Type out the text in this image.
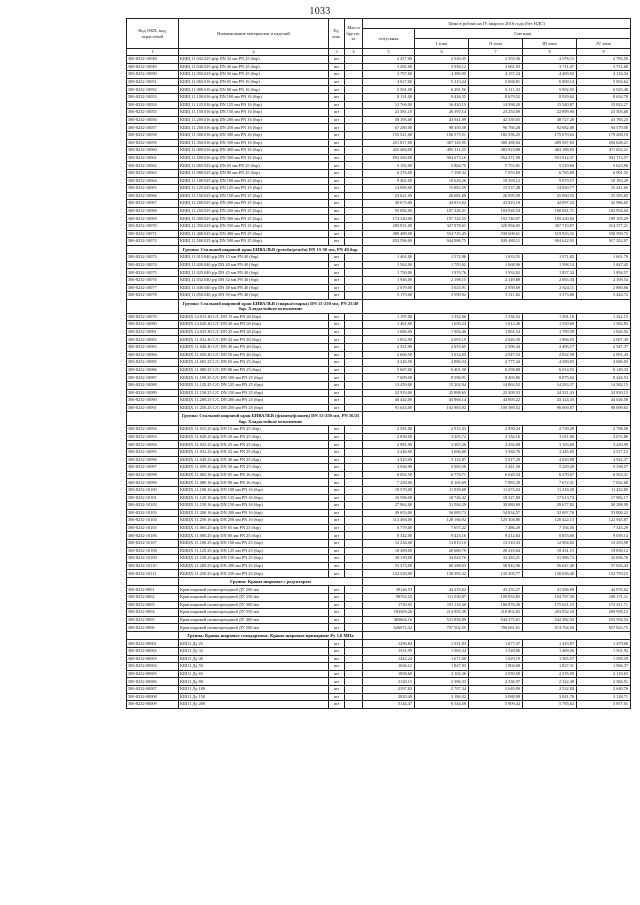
1033
Код ОКП, код, отраслевой	Наименование материалов и изделий	Ед. изм.	Масса брутто, кг	Цена в рублях на IV квартал 2016 года (без НДС)				
				отпускная	Сметная			
					I зона	II зона	III зона	IV зона
1	2	3	4	5	6	7	8	9
300-8232-10048	КШЦ 11.032.025 ф/ф DN 32 мм PN 25 (бар)	шт		2 457,00	2 520,35	2 555,56	2 676,11	2 783,56
300-8232-10049	КШЦ 11.040.025 ф/ф DN 40 мм PN 25 (бар)	шт		3 492,60	3 956,12	3 681,93	3 711,47	3 751,68
300-8232-10050	КШЦ 11.050.025 ф/ф DN 50 мм PN 25 (бар)	шт		3 797,60	4 386,95	4 157,24	4 409,92	4 134,34
300-8232-10051	КШЦ 11.065.016 ф/ф DN 65 мм PN 16 (бар)	шт		4 617,00	5 213,24	5 068,81	6 000,14	5 002,62
300-8232-10052	КШЦ 11.080.016 ф/ф DN 80 мм PN 16 (бар)	шт		5 561,00	6 281,56	6 111,32	5 902,03	6 025,48
300-8232-10053	КШЦ 11.100.016 ф/ф DN 100 мм PN 16 (бар)	шт		8 131,00	9 426,35	8 679,52	8 929,62	8 632,78
300-8232-10054	КШЦ 11.125.016 ф/ф DN 125 мм PN 16 (бар)	шт		12 766,90	16 420,15	14 998,20	15 540,87	15 822,27
300-8232-10055	КШЦ 11.150.016 ф/ф DN 150 мм PN 16 (бар)	шт		23 581,10	26 397,14	23 254,69	22 899,90	23 303,60
300-8232-10056	КШЦ 11.200.016 ф/ф DN 200 мм PN 16 (бар)	шт		38 195,00	43 041,99	42 339,05	40 727,29	41 785,23
300-8232-10057	КШЦ 11.250.016 ф/ф DN 250 мм PN 16 (бар)	шт		67 280,00	98 350,58	96 760,28	92 682,88	94 579,00
300-8232-10058	КШЦ 11.300.016 ф/ф DN 300 мм PN 16 (бар)	шт		155 521,00	186 575,51	182 556,25	175 670,63	179 208,18
300-8232-10059	КШЦ 11.350.016 ф/ф DN 350 мм PN 16 (бар)	шт		251 817,00	307 145,95	300 288,84	289 587,83	294 628,21
300-8232-10060	КШЦ 11.400.016 ф/ф DN 400 мм PN 16 (бар)	шт		425 484,00	495 111,55	483 923,88	463 188,83	471 652,21
300-8232-10061	КШЦ 11.500.016 ф/ф DN 500 мм PN 16 (бар)	шт		892 260,00	964 673,16	954 471,98	931 912,37	941 713,57
300-8232-10062	КШЦ 11.065.025 ф/ф DN 65 мм PN 25 (бар)	шт		5 192,00	5 864,75	5 753,81	5 510,60	5 623,96
300-8232-10063	КШЦ 11.080.025 ф/ф DN 80 мм PN 25 (бар)	шт		6 376,00	7 198,32	7 053,69	6 765,89	6 901,35
300-8232-10064	КШЦ 11.100.025 ф/ф DN 100 мм PN 25 (бар)	шт		9 402,00	10 620,26	10 393,12	9 979,57	10 183,29
300-8232-10065	КШЦ 11.125.025 ф/ф DN 125 мм PN 25 (бар)	шт		14 069,00	15 882,59	15 537,48	14 920,77	15 241,69
300-8232-10066	КШЦ 11.150.025 ф/ф DN 150 мм PN 25 (бар)	шт		23 621,00	26 681,68	26 095,58	25 060,55	25 595,82
300-8232-10067	КШЦ 11.200.025 ф/ф DN 200 мм PN 25 (бар)	шт		39 673,00	44 813,62	43 823,10	42 097,23	42 986,65
300-8232-10068	КШЦ 11.250.025 ф/ф DN 250 мм PN 25 (бар)	шт		95 082,00	107 326,31	104 926,54	100 841,71	102 954,04
300-8232-10069	КШЦ 11.300.025 ф/ф DN 300 мм PN 25 (бар)	шт		174 320,00	197 142,55	192 740,97	185 220,84	189 105,29
300-8232-10070	КШЦ 11.350.025 ф/ф DN 350 мм PN 25 (бар)	шт		289 051,00	327 978,61	320 994,05	307 719,87	314 377,21
300-8232-10071	КШЦ 11.400.025 ф/ф DN 400 мм PN 25 (бар)	шт		489 489,00	554 725,45	539 608,61	519 933,32	530 599,75
300-8232-10072	КШЦ 11.500.025 ф/ф DN 500 мм PN 25 (бар)	шт		833 596,00	944 986,75	929 489,11	904 622,93	917 352,97
	Группа: Стальной шаровой кран БИВАЛЬВ (резьба/резьба) DN 15-50 мм, PN 40 бар.							
300-8232-10073	КШЦ 11.015.040 р/р DN 15 мм PN 40 (бар)	шт		1 461,00	1 572,96	1 633,55	1 571,82	1 601,79
300-8232-10074	КШЦ 11.020.040 р/р DN 20 мм PN 40 (бар)	шт		1 562,00	1 705,62	1 668,96	1 598,14	1 627,45
300-8232-10075	КШЦ 11.025.040 р/р DN 25 мм PN 40 (бар)	шт		1 750,00	1 976,76	1 932,82	1 857,32	1 894,57
300-8232-10076	КШЦ 11.032.040 р/р DN 32 мм PN 40 (бар)	шт		1 946,00	2 198,15	2 149,88	2 065,34	2 109,54
300-8232-10077	КШЦ 11.040.040 р/р DN 40 мм PN 40 (бар)	шт		2 679,00	3 025,91	2 958,69	2 824,11	2 880,66
300-8232-10078	КШЦ 11.050.040 р/р DN 50 мм PN 40 (бар)	шт		3 179,00	3 590,92	3 511,82	3 373,86	3 444,72
	Группа: Стальной шаровой кран БИВАЛЬВ (сварка/сварка) DN 15-250 мм, PN 25/40 бар. Хладостойкое исполнение							
300-8232-10079	КШЦХ 14.015.40 С/С DN 15 мм PN 40 (бар)	шт		1 197,00	1 352,06	1 336,52	1 291,16	1 322,15
300-8232-10080	КШЦХ 14.020.40 С/С DN 20 мм PN 40 (бар)	шт		1 461,00	1 650,24	1 612,46	1 550,69	1 582,83
300-8232-10081	КШЦХ 14.025.40 С/С DN 25 мм PN 40 (бар)	шт		1 686,00	1 904,46	1 861,54	1 789,39	1 826,92
300-8232-10082	КШЦХ 11.032.40 С/С DN 32 мм PN 40 (бар)	шт		1 852,90	2 093,19	2 046,39	1 966,03	2 007,49
300-8232-10083	КШЦХ 11.040.40 С/С DN 40 мм PN 40 (бар)	шт		2 351,90	2 655,65	2 596,34	2 495,17	2 547,37
300-8232-10084	КШЦХ 11.050.40 С/С DN 50 мм PN 40 (бар)	шт		2 660,50	3 014,03	2 947,53	2 832,58	2 891,43
300-8232-10085	КШЦХ 11.065.25 С/С DN 65 мм PN 25 (бар)	шт		4 226,50	4 886,54	4 777,44	4 590,83	4 686,93
300-8232-10086	КШЦХ 11.080.25 С/С DN 80 мм PN 25 (бар)	шт		5 667,00	6 401,50	6 258,88	6 014,53	6 140,33
300-8232-10087	КШЦХ 11.100.25 С/С DN 100 мм PN 25 (бар)	шт		7 609,00	8 596,91	8 403,86	8 075,62	8 244,53
300-8232-10088	КШЦХ 11.125.25 С/С DN 125 мм PN 25 (бар)	шт		13 459,00	15 202,94	14 863,52	14 283,37	14 582,15
300-8232-10089	КШЦХ 11.150.25 С/С DN 150 мм PN 25 (бар)	шт		22 919,00	25 888,65	25 309,33	24 321,43	24 830,15
300-8232-10090	КШЦХ 11.200.25 С/С DN 200 мм PN 25 (бар)	шт		40 442,00	45 866,14	44 805,22	43 124,35	44 026,58
300-8232-10091	КШЦХ 11.250.25 С/С DN 250 мм PN 25 (бар)	шт		91 043,00	102 983,92	100 589,52	96 669,87	98 699,63
	Группа: Стальной шаровой кран БИВАЛЬВ (фланец/фланец) DN 15-250 мм, PN 16/25 бар. Хладостойкое исполнение							
300-8232-10092	КШЦХ 11.015.25 ф/ф DN 15 мм PN 25 (бар)	шт		2 581,00	2 915,43	2 850,24	2 739,29	2 796,58
300-8232-10093	КШЦХ 11.020.25 ф/ф DN 20 мм PN 25 (бар)	шт		2 838,00	3 205,72	3 134,16	3 011,86	3 074,86
300-8232-10094	КШЦХ 11.025.25 ф/ф DN 25 мм PN 25 (бар)	шт		2 981,00	3 367,26	3 292,08	3 163,60	3 229,99
300-8232-10095	КШЦХ 11.032.25 ф/ф DN 32 мм PN 25 (бар)	шт		3 246,00	3 666,60	3 584,76	3 445,05	3 517,12
300-8232-10096	КШЦХ 11.040.25 ф/ф DN 40 мм PN 25 (бар)	шт		4 543,00	5 132,87	5 017,20	4 820,88	4 922,37
300-8232-10097	КШЦХ 11.050.25 ф/ф DN 50 мм PN 25 (бар)	шт		4 926,90	5 565,56	5 441,30	5 229,20	5 338,57
300-8232-10098	КШЦХ 11.065.16 ф/ф DN 65 мм PN 16 (бар)	шт		6 002,50	6 779,71	6 628,34	6 370,07	6 503,31
300-8232-10099	КШЦХ 11.080.16 ф/ф DN 80 мм PN 16 (бар)	шт		7 229,00	8 165,69	7 983,39	7 672,31	7 832,68
300-8232-10100	КШЦХ 11.100.16 ф/ф DN 100 мм PN 16 (бар)	шт		10 570,00	11 939,68	11 673,04	11 218,20	11 452,85
300-8232-10101	КШЦХ 11.125.16 ф/ф DN 125 мм PN 16 (бар)	шт		16 596,00	18 746,42	18 327,80	17 613,74	17 982,17
300-8232-10102	КШЦХ 11.150.16 ф/ф DN 150 мм PN 16 (бар)	шт		27 962,00	31 584,29	30 880,69	29 677,82	30 298,98
300-8232-10103	КШЦХ 11.200.16 ф/ф DN 200 мм PN 16 (бар)	шт		49 653,00	56 085,73	54 834,57	52 697,76	53 800,22
300-8232-10104	КШЦХ 11.250.16 ф/ф DN 250 мм PN 16 (бар)	шт		113 494,00	128 166,92	125 304,86	120 422,13	122 945,87
300-8232-10105	КШЦХ 11.065.25 ф/ф DN 65 мм PN 25 (бар)	шт		6 779,00	7 657,22	7 486,29	7 194,56	7 345,29
300-8232-10106	КШЦХ 11.080.25 ф/ф DN 80 мм PN 25 (бар)	шт		8 342,00	9 423,16	9 212,64	8 853,68	9 039,14
300-8232-10107	КШЦХ 11.100.25 ф/ф DN 100 мм PN 25 (бар)	шт		12 234,00	13 819,10	13 510,43	12 984,02	13 255,98
300-8232-10108	КШЦХ 11.125.25 ф/ф DN 125 мм PN 25 (бар)	шт		18 309,00	20 680,79	20 218,64	19 431,15	19 838,12
300-8232-10109	КШЦХ 11.150.25 ф/ф DN 150 мм PN 25 (бар)	шт		30 139,00	34 043,70	33 283,21	31 986,72	32 656,78
300-8232-10110	КШЦХ 11.200.25 ф/ф DN 200 мм PN 25 (бар)	шт		53 373,00	60 288,63	58 942,96	56 647,48	57 833,43
300-8232-10111	КШЦХ 11.250.25 ф/ф DN 250 мм PN 25 (бар)	шт		122 520,00	138 395,32	135 305,77	130 036,40	132 759,15
	Группа: Краны шаровые с редуктором							
300-8232-0001	Кран шаровой полнопроходной ДУ 200 мм	шт		39146,53	44 235,62	43 255,27	41 566,69	44 876,62
300-8232-0002	Кран шаровой полнопроходной ДУ 250 мм	шт		98702,53	111 530,97	109 053,85	104 787,39	108 171,11
300-8232-0003	Кран шаровой полнопроходной ДУ 300 мм	шт		1730,93	191 116,30	186 876,36	175 621,15	173 411,71
300-8232-0004	Кран шаровой полнопроходной ДУ 350 мм	шт		183309,26	214 955,38	210 802,82	203 952,10	209 958,12
300-8232-0005	Кран шаровой полнопроходной ДУ 400 мм	шт		483604,16	521 856,89	544 275,61	542 382,33	553 592,54
300-8232-0006	Кран шаровой полнопроходной ДУ 500 мм	шт		626072,32	707 502,55	706 661,61	674 764,50	657 823,75
	Группа: Краны шаровые стандартные. Краны шаровые приварные Ру 1,6 МПа							
300-8232-00001	КШ11 Ду 25	шт		1296,84	1 531,83	1 677,47	1 419,87	1 479,68
300-8232-00002	КШ11 Ду 32	шт		1331,99	1 565,34	1 528,86	1 469,26	1 501,92
300-8232-00003	КШ11 Ду 40	шт		1442,24	1 671,00	1 629,19	1 565,57	1 599,39
300-8232-00004	КШ11 Ду 50	шт		1636,12	1 847,93	1 804,68	1 827,31	1 966,37
300-8232-00005	КШ11 Ду 65	шт		1858,60	2 102,26	2 059,50	2 376,59	2 110,63
300-8232-00006	КШ11 Ду 80	шт		2120,15	2 396,33	2 336,97	2 322,49	2 384,51
300-8232-00007	КШ11 Ду 100	шт		2397,83	2 707,34	2 649,99	2 532,84	2 640,76
300-8232-00008	КШ11 Ду 150	шт		2820,49	3 186,32	3 088,98	3 041,76	3 128,71
300-8232-00009	КШ11 Ду 200	шт		5144,47	6 544,56	5 909,42	5 785,62	5 857,01
